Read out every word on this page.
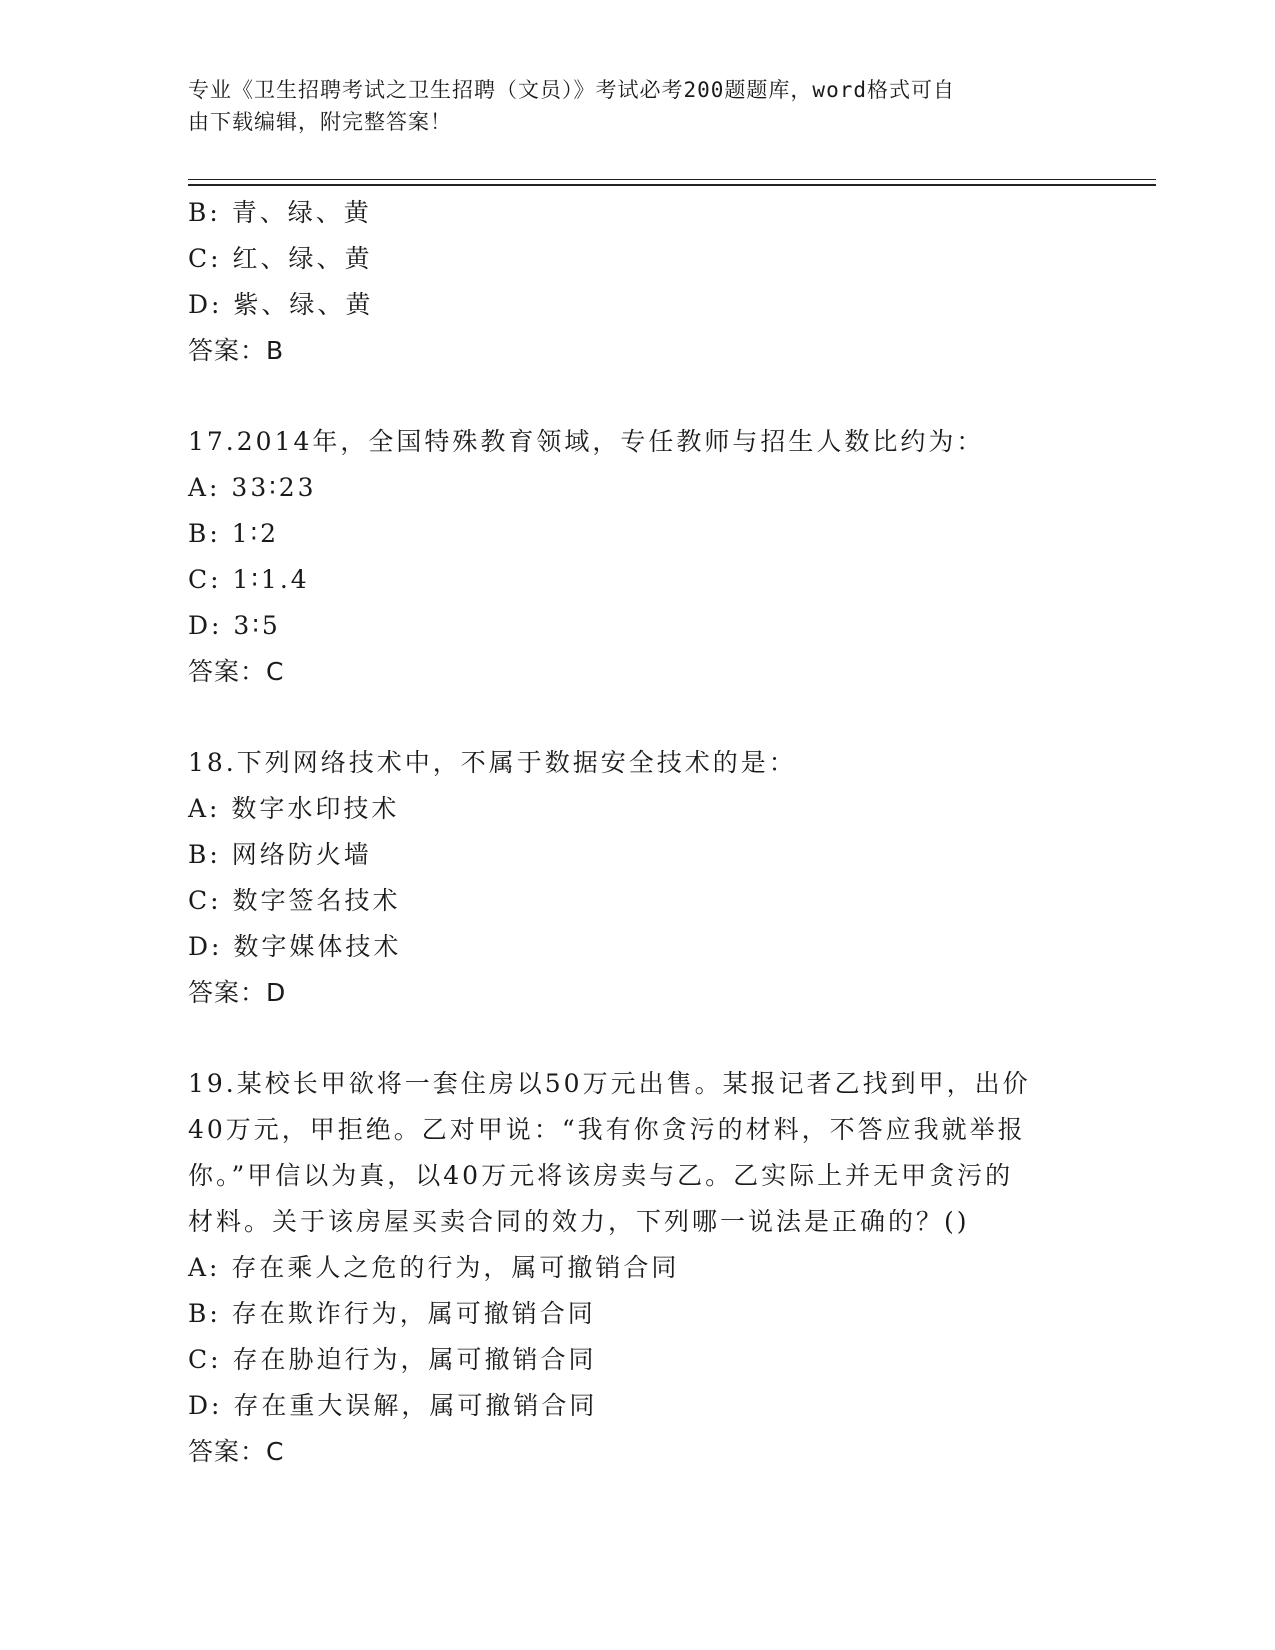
专业《卫生招聘考试之卫生招聘（文员）》考试必考200题题库，word格式可自
由下载编辑，附完整答案！
B: 青、绿、黄
C: 红、绿、黄
D: 紫、绿、黄
答案：B
17.2014年，全国特殊教育领域，专任教师与招生人数比约为：
A: 33∶23
B: 1∶2
C: 1∶1.4
D: 3∶5
答案：C
18.下列网络技术中，不属于数据安全技术的是：
A: 数字水印技术
B: 网络防火墙
C: 数字签名技术
D: 数字媒体技术
答案：D
19.某校长甲欲将一套住房以50万元出售。某报记者乙找到甲，出价
40万元，甲拒绝。乙对甲说：“我有你贪污的材料，不答应我就举报
你。”甲信以为真，以40万元将该房卖与乙。乙实际上并无甲贪污的
材料。关于该房屋买卖合同的效力，下列哪一说法是正确的？()
A: 存在乘人之危的行为，属可撤销合同
B: 存在欺诈行为，属可撤销合同
C: 存在胁迫行为，属可撤销合同
D: 存在重大误解，属可撤销合同
答案：C
